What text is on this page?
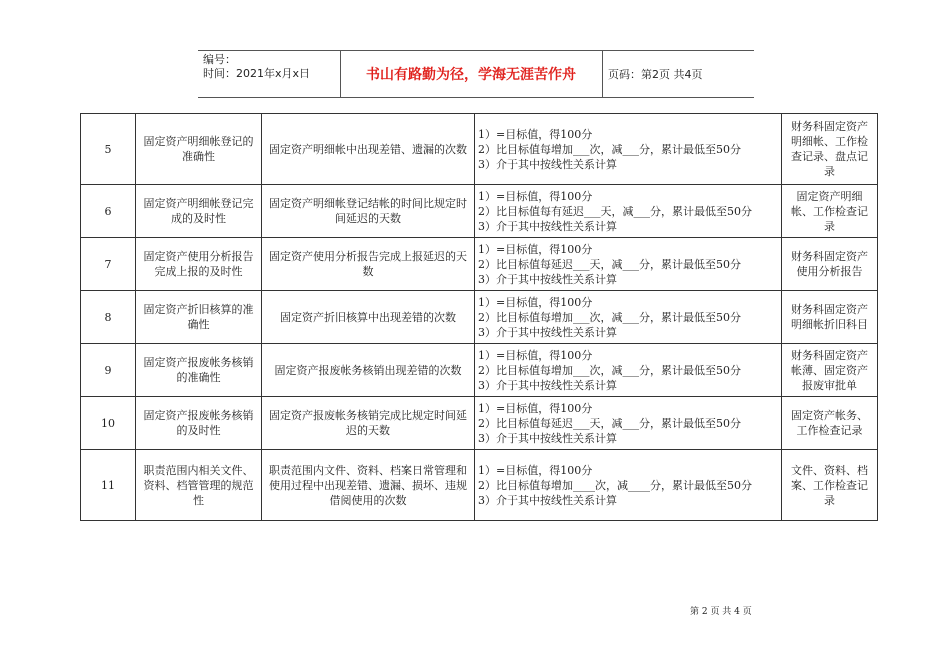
编号：
时间：2021年x月x日	书山有路勤为径，学海无涯苦作舟	页码：第2页 共4页
5	固定资产明细帐登记的准确性	固定资产明细帐中出现差错、遗漏的次数	1）=目标值，得100分
2）比目标值每增加___次，减___分，累计最低至50分
3）介于其中按线性关系计算	财务科固定资产明细帐、工作检查记录、盘点记录
6	固定资产明细帐登记完成的及时性	固定资产明细帐登记结帐的时间比规定时间延迟的天数	1）=目标值，得100分
2）比目标值每有延迟___天，减___分，累计最低至50分
3）介于其中按线性关系计算	固定资产明细帐、工作检查记录
7	固定资产使用分析报告完成上报的及时性	固定资产使用分析报告完成上报延迟的天数	1）=目标值，得100分
2）比目标值每延迟___天，减___分，累计最低至50分
3）介于其中按线性关系计算	财务科固定资产使用分析报告
8	固定资产折旧核算的准确性	固定资产折旧核算中出现差错的次数	1）=目标值，得100分
2）比目标值每增加___次，减___分，累计最低至50分
3）介于其中按线性关系计算	财务科固定资产明细帐折旧科目
9	固定资产报废帐务核销的准确性	固定资产报废帐务核销出现差错的次数	1）=目标值，得100分
2）比目标值每增加___次，减___分，累计最低至50分
3）介于其中按线性关系计算	财务科固定资产帐薄、固定资产报废审批单
10	固定资产报废帐务核销的及时性	固定资产报废帐务核销完成比规定时间延迟的天数	1）=目标值，得100分
2）比目标值每延迟___天，减___分，累计最低至50分
3）介于其中按线性关系计算	固定资产帐务、工作检查记录
11	职责范围内相关文件、资料、档管管理的规范性	职责范围内文件、资料、档案日常管理和使用过程中出现差错、遗漏、损坏、违规借阅使用的次数	1）=目标值，得100分
2）比目标值每增加____次，减____分，累计最低至50分
3）介于其中按线性关系计算	文件、资料、档案、工作检查记录
第 2 页 共 4 页
